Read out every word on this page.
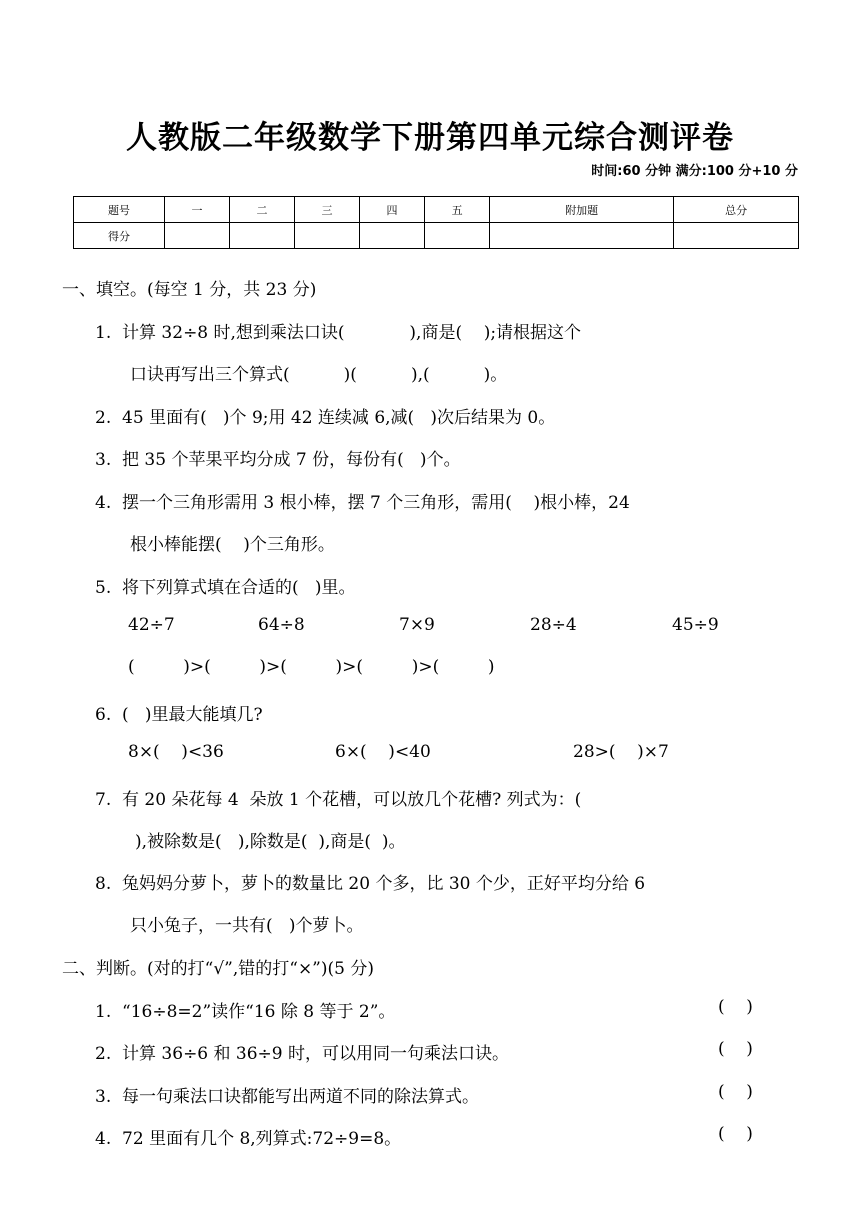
人教版二年级数学下册第四单元综合测评卷
时间:60 分钟 满分:100 分+10 分
题号	一	二	三	四	五	附加题	总分
得分							
一、填空。(每空 1 分，共 23 分)
1.  计算 32÷8 时,想到乘法口诀(            ),商是(    );请根据这个
口诀再写出三个算式(          )(          ),(          )。
2.  45 里面有(   )个 9;用 42 连续减 6,减(   )次后结果为 0。
3.  把 35 个苹果平均分成 7 份，每份有(   )个。
4.  摆一个三角形需用 3 根小棒，摆 7 个三角形，需用(    )根小棒，24
根小棒能摆(    )个三角形。
5.  将下列算式填在合适的(   )里。
42÷7	64÷8	7×9	28÷4	45÷9
(         )>(         )>(         )>(         )>(         )
6.  (   )里最大能填几?
8×(    )<36	6×(    )<40	28>(    )×7
7.  有 20 朵花每 4  朵放 1 个花槽，可以放几个花槽? 列式为：(
),被除数是(   ),除数是(  ),商是(  )。
8.  兔妈妈分萝卜，萝卜的数量比 20 个多，比 30 个少，正好平均分给 6
只小兔子，一共有(   )个萝卜。
二、判断。(对的打“√”,错的打“×”)(5 分)
1.  “16÷8=2”读作“16 除 8 等于 2”。	(    )
2.  计算 36÷6 和 36÷9 时，可以用同一句乘法口诀。	(    )
3.  每一句乘法口诀都能写出两道不同的除法算式。	(    )
4.  72 里面有几个 8,列算式:72÷9=8。	(    )
